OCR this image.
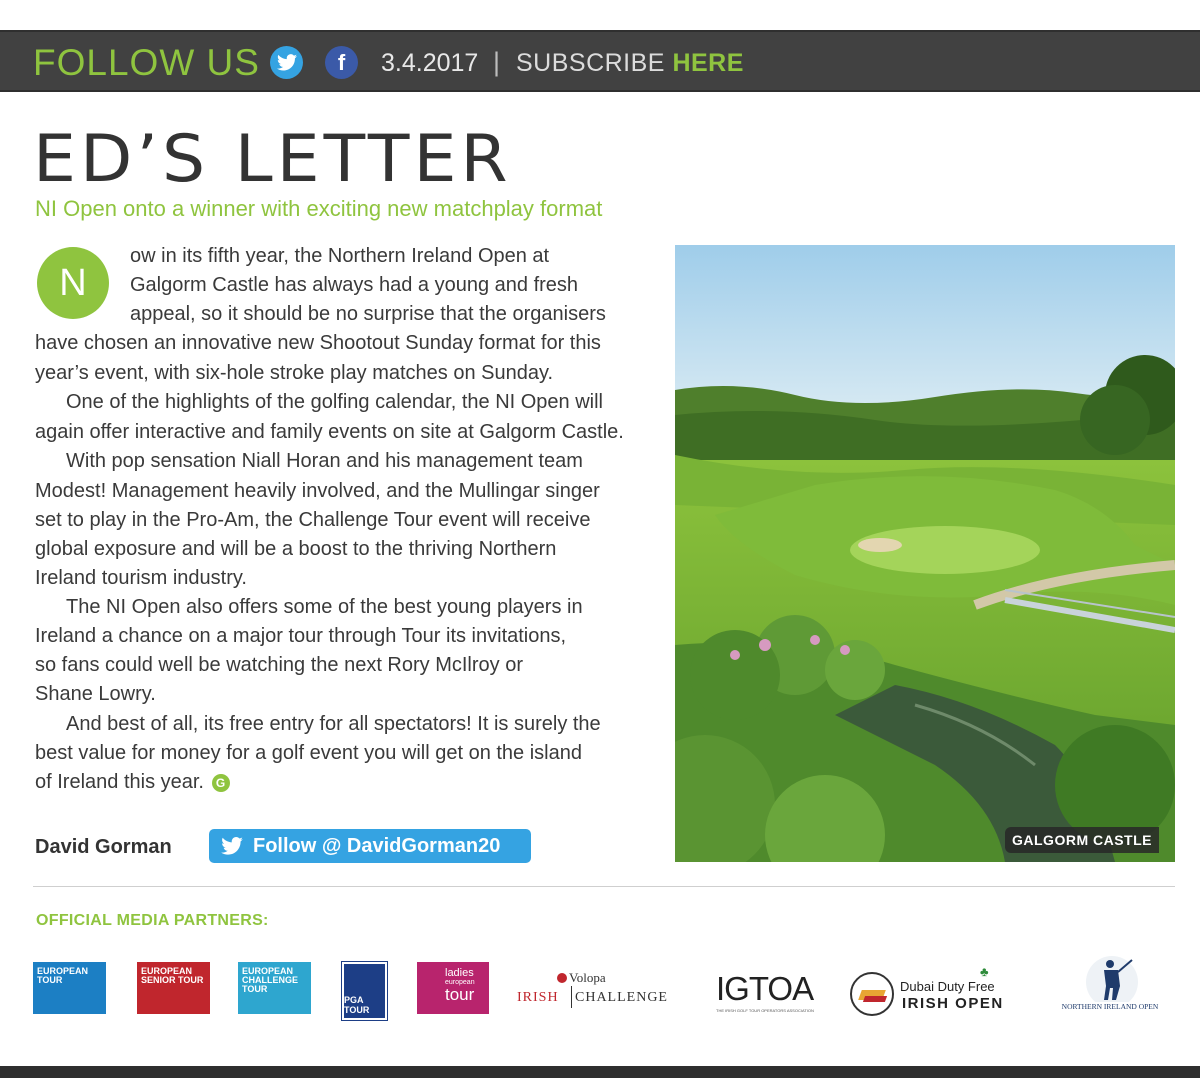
FOLLOW US	f	3.4.2017 | SUBSCRIBE HERE
ED’S LETTER
NI Open onto a winner with exciting new matchplay format
N
ow in its fifth year, the Northern Ireland Open at
Galgorm Castle has always had a young and fresh
appeal, so it should be no surprise that the organisers
have chosen an innovative new Shootout Sunday format for this
year’s event, with six-hole stroke play matches on Sunday.
One of the highlights of the golfing calendar, the NI Open will
again offer interactive and family events on site at Galgorm Castle.
With pop sensation Niall Horan and his management team
Modest! Management heavily involved, and the Mullingar singer
set to play in the Pro-Am, the Challenge Tour event will receive
global exposure and will be a boost to the thriving Northern
Ireland tourism industry.
The NI Open also offers some of the best young players in
Ireland a chance on a major tour through Tour its invitations,
so fans could well be watching the next Rory McIlroy or
Shane Lowry.
And best of all, its free entry for all spectators! It is surely the
best value for money for a golf event you will get on the island
of Ireland this year. G
David Gorman	Follow @ DavidGorman20	GALGORM CASTLE
OFFICIAL MEDIA PARTNERS:
EUROPEAN TOUR
EUROPEAN SENIOR TOUR
EUROPEAN CHALLENGE TOUR
PGA TOUR
ladies
european
tour
Volopa
IRISH CHALLENGE IGTOA
THE IRISH GOLF TOUR OPERATORS ASSOCIATION
♣
Dubai Duty Free
IRISH OPEN	NORTHERN IRELAND OPEN
